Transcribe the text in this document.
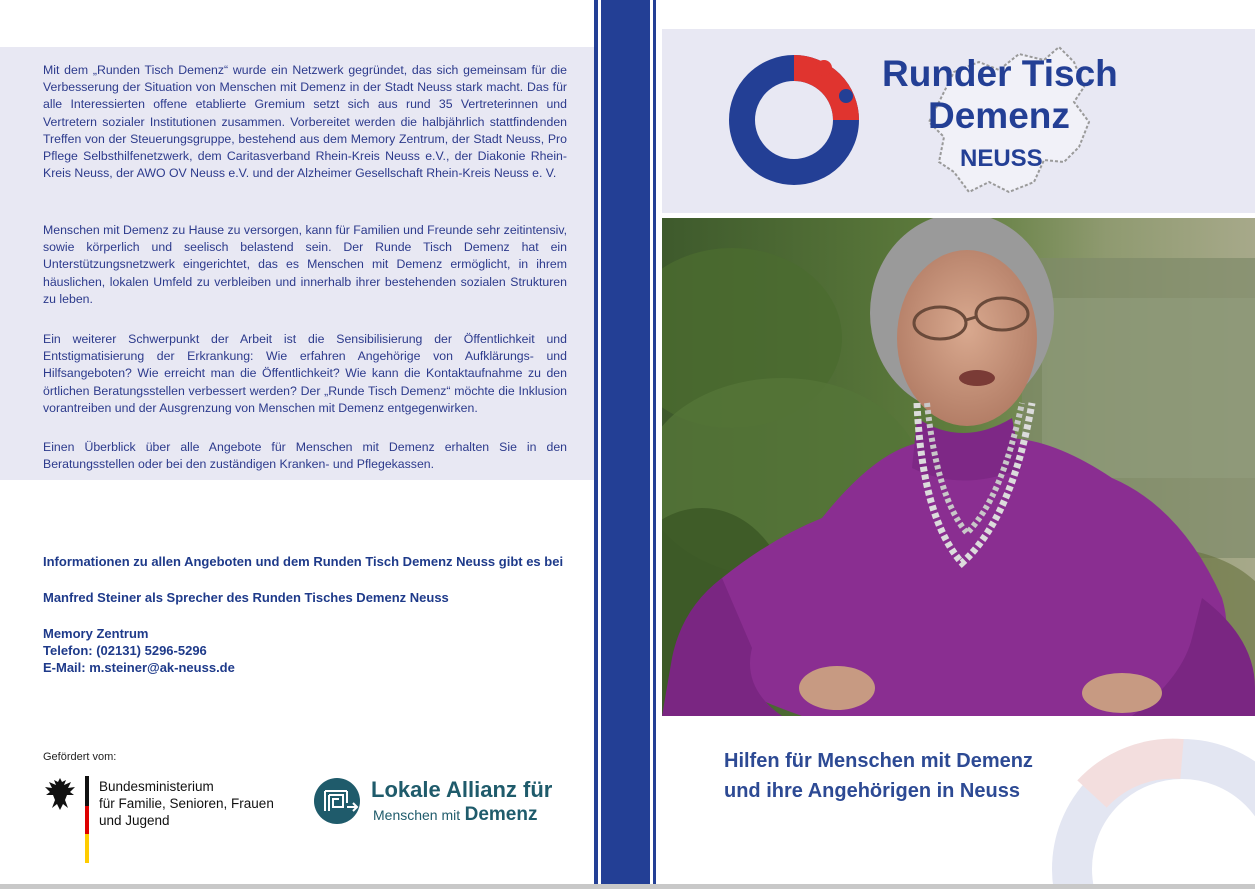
Mit dem „Runden Tisch Demenz“ wurde ein Netzwerk gegründet, das sich gemeinsam für die Verbesserung der Situation von Menschen mit Demenz in der Stadt Neuss stark macht. Das für alle Interessierten offene etablierte Gremium setzt sich aus rund 35 Vertreterinnen und Vertretern sozialer Institutionen zusammen. Vorbereitet werden die halbjährlich stattfindenden Treffen von der Steuerungsgruppe, bestehend aus dem Memory Zentrum, der Stadt Neuss, Pro Pflege Selbsthilfenetzwerk, dem Caritasverband Rhein-Kreis Neuss e.V., der Diakonie Rhein-Kreis Neuss, der AWO OV Neuss e.V. und der Alzheimer Gesellschaft Rhein-Kreis Neuss e. V.

Menschen mit Demenz zu Hause zu versorgen, kann für Familien und Freunde sehr zeitintensiv, sowie körperlich und seelisch belastend sein. Der Runde Tisch Demenz hat ein Unterstützungsnetzwerk eingerichtet, das es Menschen mit Demenz ermöglicht, in ihrem häuslichen, lokalen Umfeld zu verbleiben und innerhalb ihrer bestehenden sozialen Strukturen zu leben.

Ein weiterer Schwerpunkt der Arbeit ist die Sensibilisierung der Öffentlichkeit und Entstigmatisierung der Erkrankung: Wie erfahren Angehörige von Aufklärungs- und Hilfsangeboten? Wie erreicht man die Öffentlichkeit? Wie kann die Kontaktaufnahme zu den örtlichen Beratungsstellen verbessert werden? Der „Runde Tisch Demenz“ möchte die Inklusion vorantreiben und der Ausgrenzung von Menschen mit Demenz entgegenwirken.

Einen Überblick über alle Angebote für Menschen mit Demenz erhalten Sie in den Beratungsstellen oder bei den zuständigen Kranken- und Pflegekassen.

Informationen zu allen Angeboten und dem Runden Tisch Demenz Neuss gibt es bei

Manfred Steiner als Sprecher des Runden Tisches Demenz Neuss

Memory Zentrum

Telefon: (02131) 5296-5296

E-Mail: m.steiner@ak-neuss.de

Gefördert vom:
Bundesministerium
für Familie, Senioren, Frauen
und Jugend
Lokale Allianz für
Menschen mit Demenz
Runder Tisch
Demenz
NEUSS

Hilfen für Menschen mit Demenz
und ihre Angehörigen in Neuss
